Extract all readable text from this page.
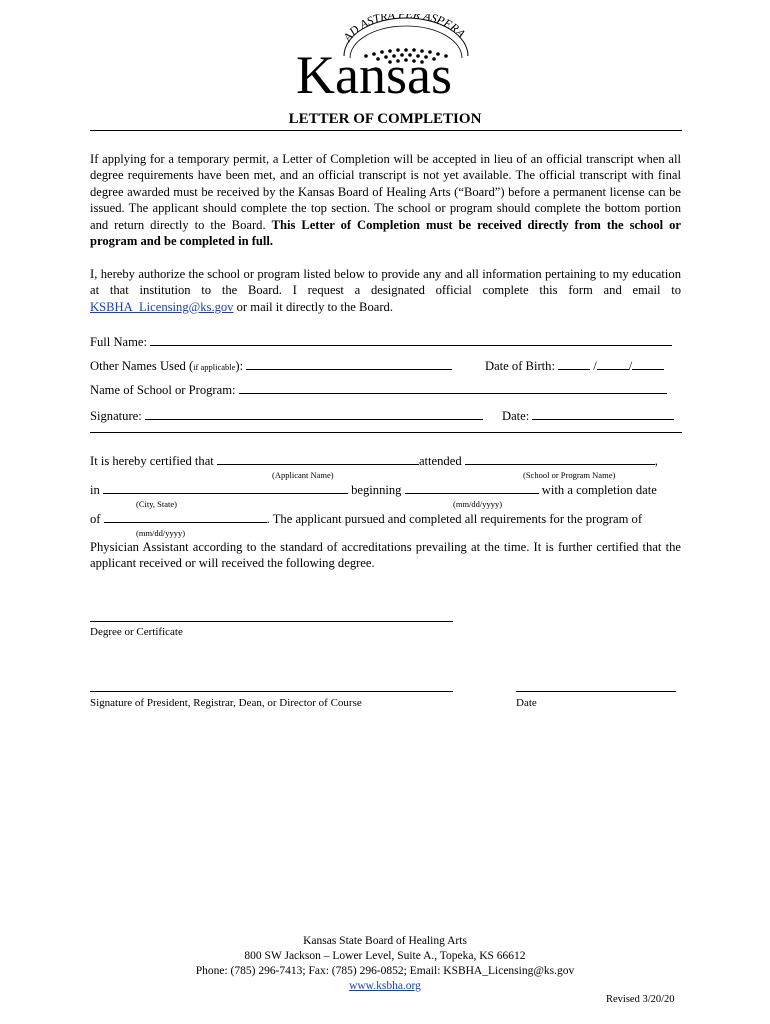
AD ASTRA PER ASPERA
Kansas
LETTER OF COMPLETION
If applying for a temporary permit, a Letter of Completion will be accepted in lieu of an official transcript when all degree requirements have been met, and an official transcript is not yet available. The official transcript with final degree awarded must be received by the Kansas Board of Healing Arts (“Board”) before a permanent license can be issued. The applicant should complete the top section. The school or program should complete the bottom portion and return directly to the Board. This Letter of Completion must be received directly from the school or program and be completed in full.
I, hereby authorize the school or program listed below to provide any and all information pertaining to my education at that institution to the Board. I request a designated official complete this form and email to KSBHA_Licensing@ks.gov or mail it directly to the Board.
Full Name:
Other Names Used (if applicable):	Date of Birth:	/	/
Name of School or Program:
Signature:	Date:
It is hereby certified that	attended	,
(Applicant Name)	(School or Program Name)
in	beginning	with a completion date
(City, State)	(mm/dd/yyyy)
of	. The applicant pursued and completed all requirements for the program of
(mm/dd/yyyy)
Physician Assistant according to the standard of accreditations prevailing at the time. It is further certified that the applicant received or will received the following degree.
Degree or Certificate
Signature of President, Registrar, Dean, or Director of Course	Date
Kansas State Board of Healing Arts
800 SW Jackson – Lower Level, Suite A., Topeka, KS 66612
Phone: (785) 296-7413; Fax: (785) 296-0852; Email: KSBHA_Licensing@ks.gov
www.ksbha.org
Revised 3/20/20
